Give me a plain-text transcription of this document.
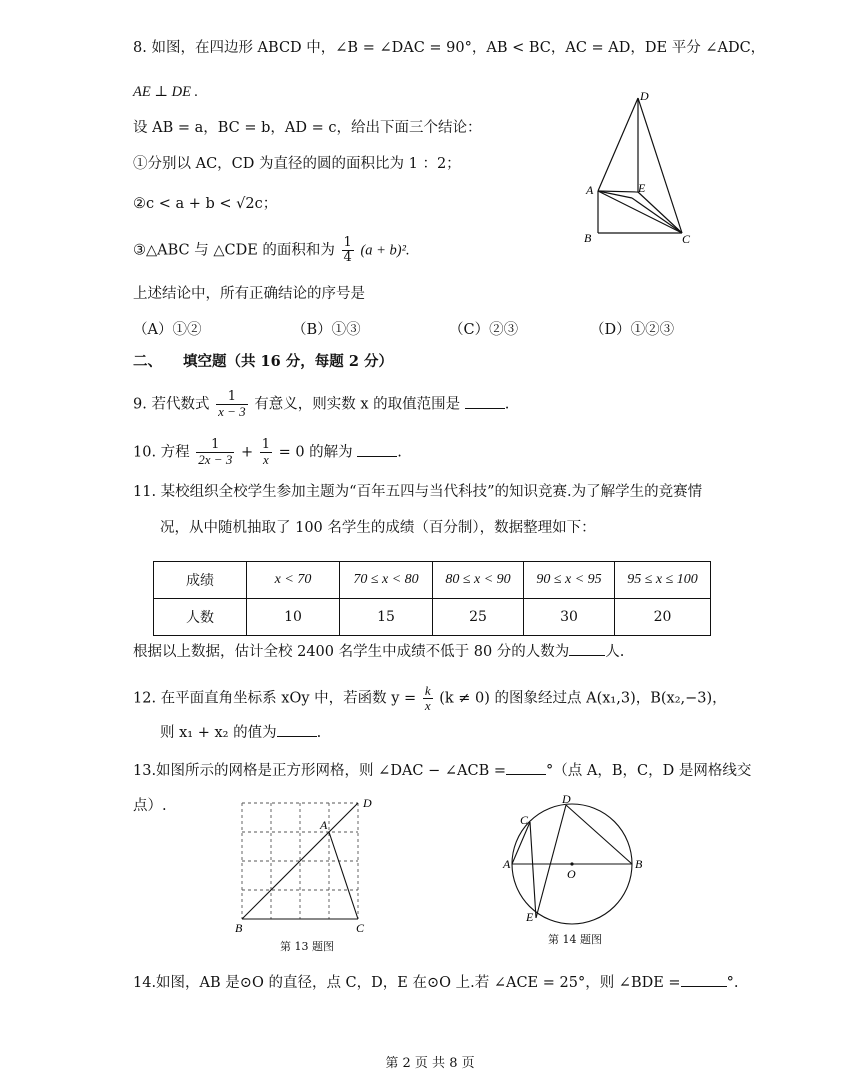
8. 如图，在四边形 ABCD 中，∠B = ∠DAC = 90°，AB < BC，AC = AD，DE 平分 ∠ADC，
AE ⊥ DE .
设 AB = a，BC = b，AD = c，给出下面三个结论：
①分别以 AC，CD 为直径的圆的面积比为 1 ：2；
②c < a + b < √2c；
③△ABC 与 △CDE 的面积和为 $\frac{1}{4} (a + b)^2$.
上述结论中，所有正确结论的序号是
（A）①②	（B）①③	（C）②③	（D）①②③
D
A	E
B	C
二、 填空题（共 16 分，每题 2 分）
9. 若代数式 $\frac{1}{x - 3}$ 有意义，则实数 x 的取值范围是	.
10. 方程 $\frac{1}{2x - 3} + \frac{1}{x} = 0$ 的解为	.
11. 某校组织全校学生参加主题为“百年五四与当代科技”的知识竞赛.为了解学生的竞赛情
况，从中随机抽取了 100 名学生的成绩（百分制），数据整理如下：
成绩	x < 70	70 ≤ x < 80	80 ≤ x < 90	90 ≤ x < 95	95 ≤ x ≤ 100
人数	10	15	25	30	20
根据以上数据，估计全校 2400 名学生中成绩不低于 80 分的人数为 人.
12. 在平面直角坐标系 xOy 中，若函数 $y = \frac{k}{x} (k \ne 0)$ 的图象经过点 A(x₁,3)，B(x₂,−3)，
则 x₁ + x₂ 的值为	.
13.如图所示的网格是正方形网格，则 ∠DAC − ∠ACB =	°（点 A，B，C，D 是网格线交
点）.	D
A
B	C
第 13 题图
D
C
A
O
B
E
第 14 题图
14.如图，AB 是⊙O 的直径，点 C，D，E 在⊙O 上.若 ∠ACE = 25°，则 ∠BDE =	°.
第 2 页 共 8 页
